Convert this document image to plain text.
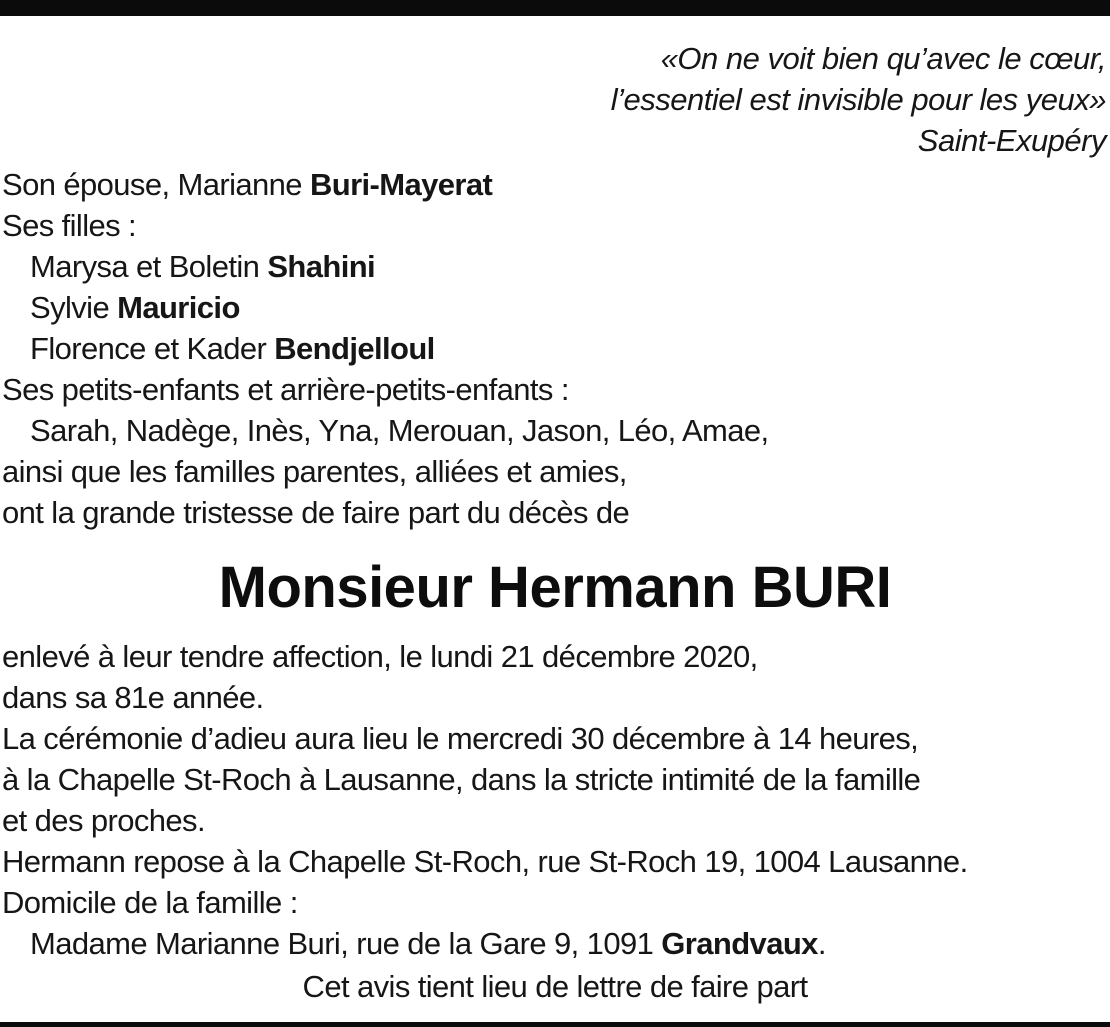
«On ne voit bien qu’avec le cœur,
l’essentiel est invisible pour les yeux»
Saint-Exupéry
Son épouse, Marianne Buri-Mayerat
Ses filles :
Marysa et Boletin Shahini
Sylvie Mauricio
Florence et Kader Bendjelloul
Ses petits-enfants et arrière-petits-enfants :
Sarah, Nadège, Inès, Yna, Merouan, Jason, Léo, Amae,
ainsi que les familles parentes, alliées et amies,
ont la grande tristesse de faire part du décès de
Monsieur Hermann BURI
enlevé à leur tendre affection, le lundi 21 décembre 2020,
dans sa 81e année.
La cérémonie d’adieu aura lieu le mercredi 30 décembre à 14 heures,
à la Chapelle St-Roch à Lausanne, dans la stricte intimité de la famille
et des proches.
Hermann repose à la Chapelle St-Roch, rue St-Roch 19, 1004 Lausanne.
Domicile de la famille :
Madame Marianne Buri, rue de la Gare 9, 1091 Grandvaux.
Cet avis tient lieu de lettre de faire part
